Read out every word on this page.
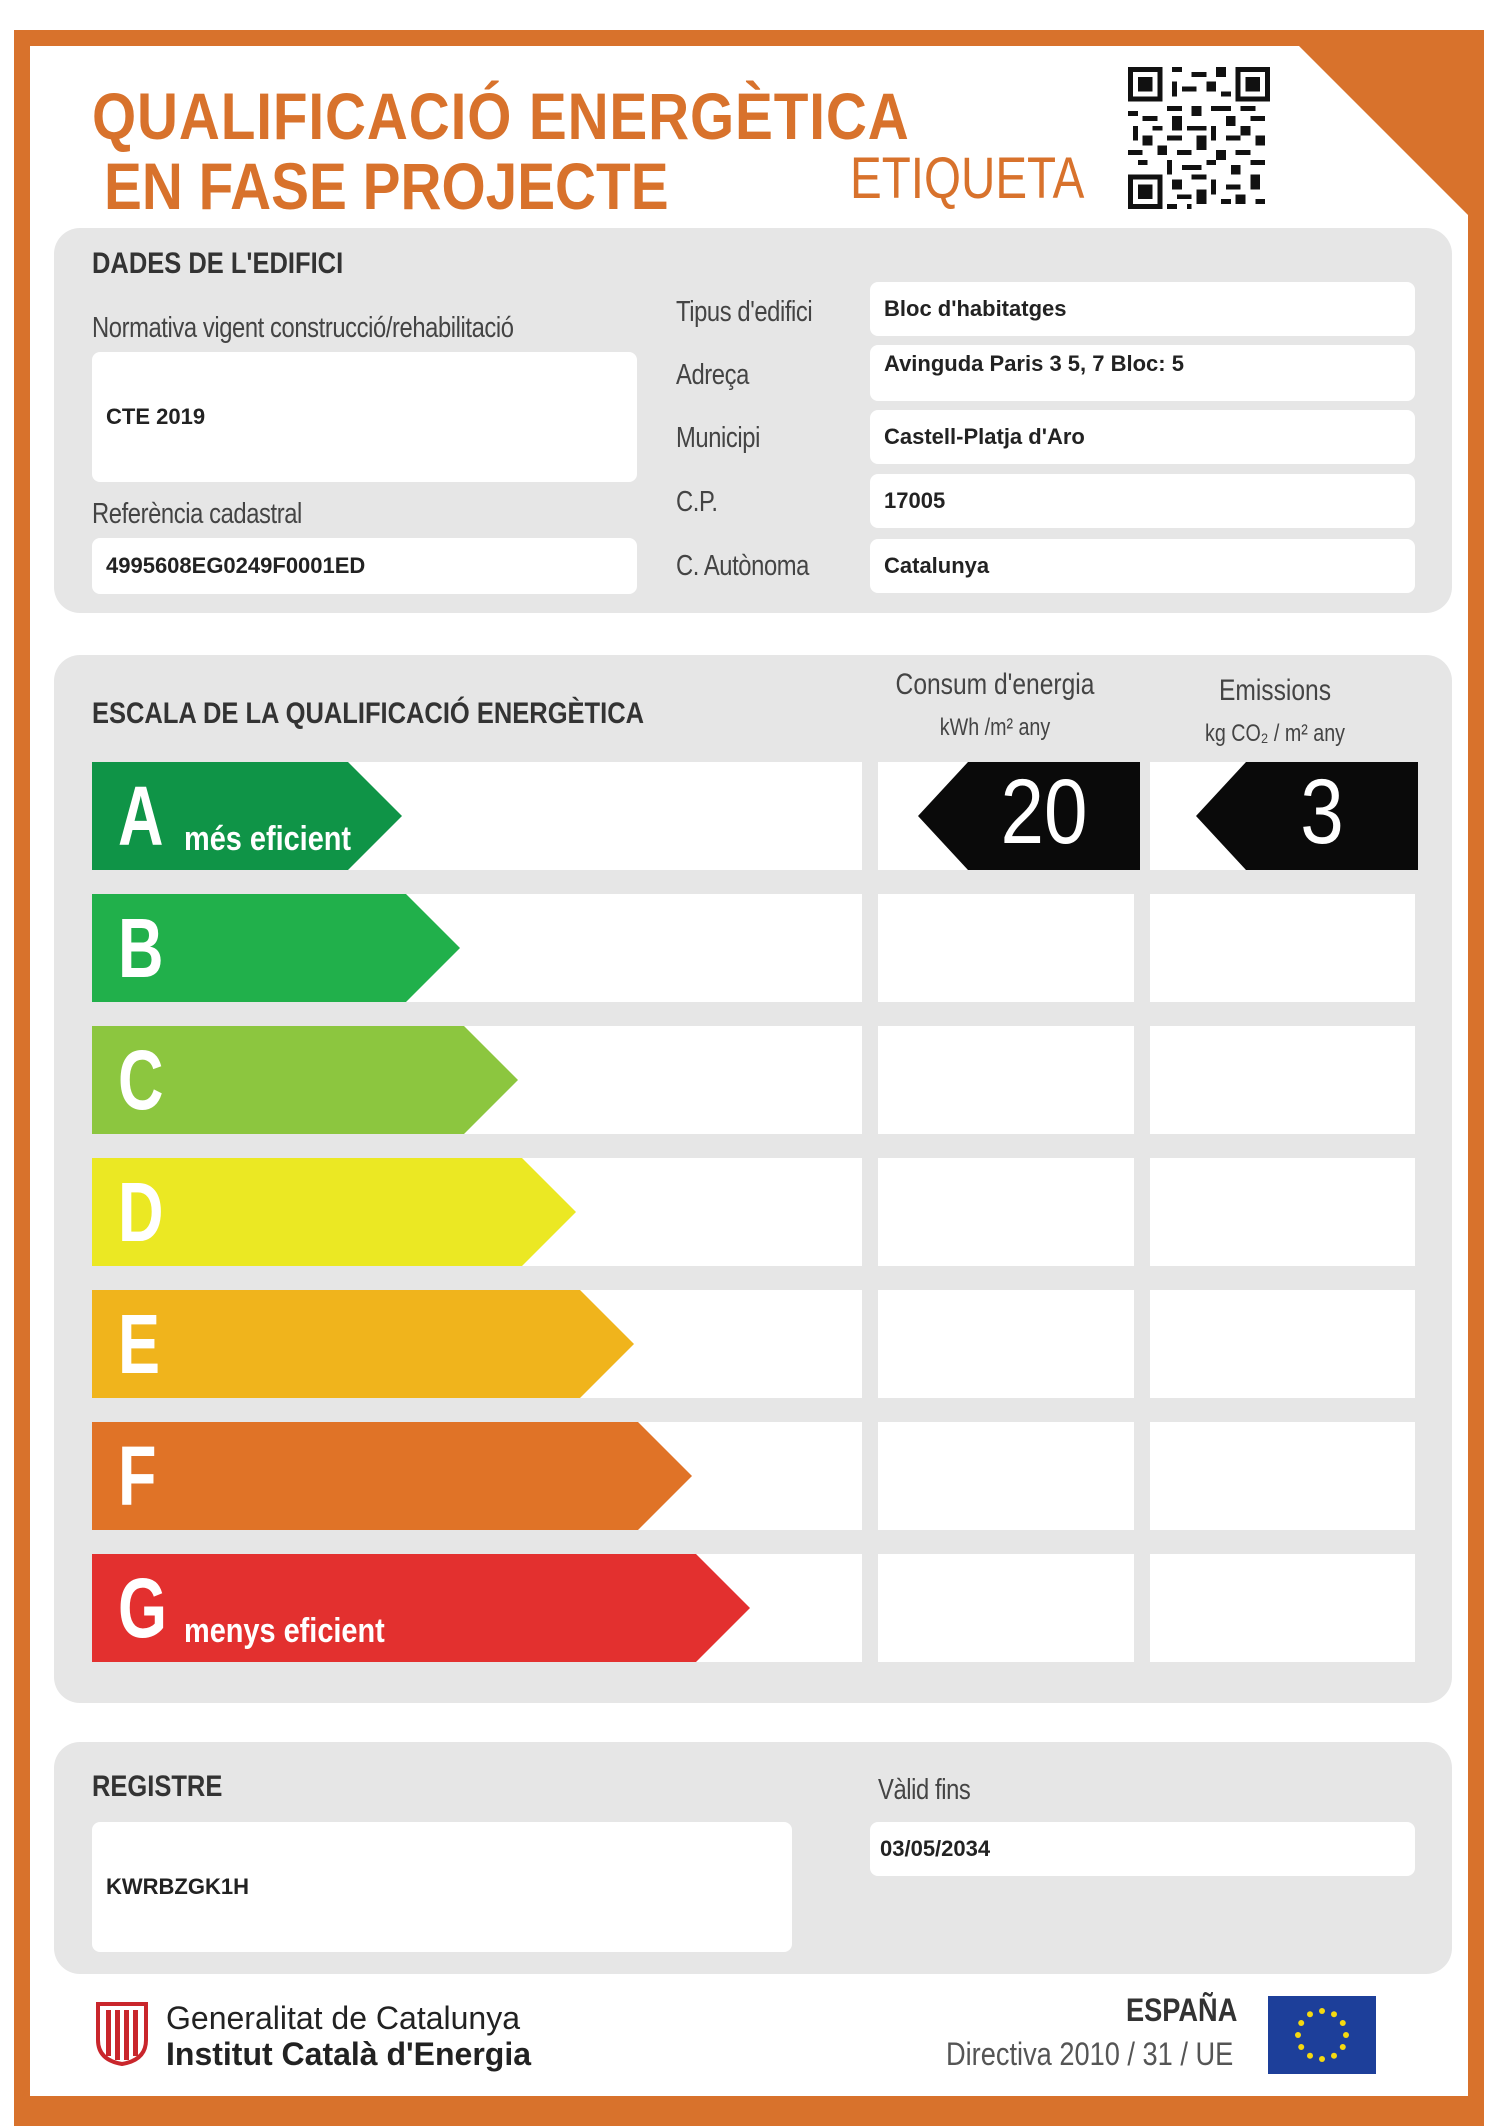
QUALIFICACIÓ ENERGÈTICA
EN FASE PROJECTE	ETIQUETA
DADES DE L'EDIFICI
Normativa vigent construcció/rehabilitació
CTE 2019
Referència cadastral
4995608EG0249F0001ED
Tipus d'edifici	Bloc d'habitatges
Adreça	Avinguda Paris 3 5, 7 Bloc: 5
Municipi	Castell-Platja d'Aro
C.P.	17005
C. Autònoma	Catalunya
ESCALA DE LA QUALIFICACIÓ ENERGÈTICA
Consum d'energia
kWh /m² any
Emissions
kg CO₂ / m² any
A més eficient	20	3
B
C
D
E
F
G menys eficient
REGISTRE
KWRBZGK1H
Vàlid fins
03/05/2034
Generalitat de Catalunya
Institut Català d'Energia
ESPAÑA
Directiva 2010 / 31 / UE
